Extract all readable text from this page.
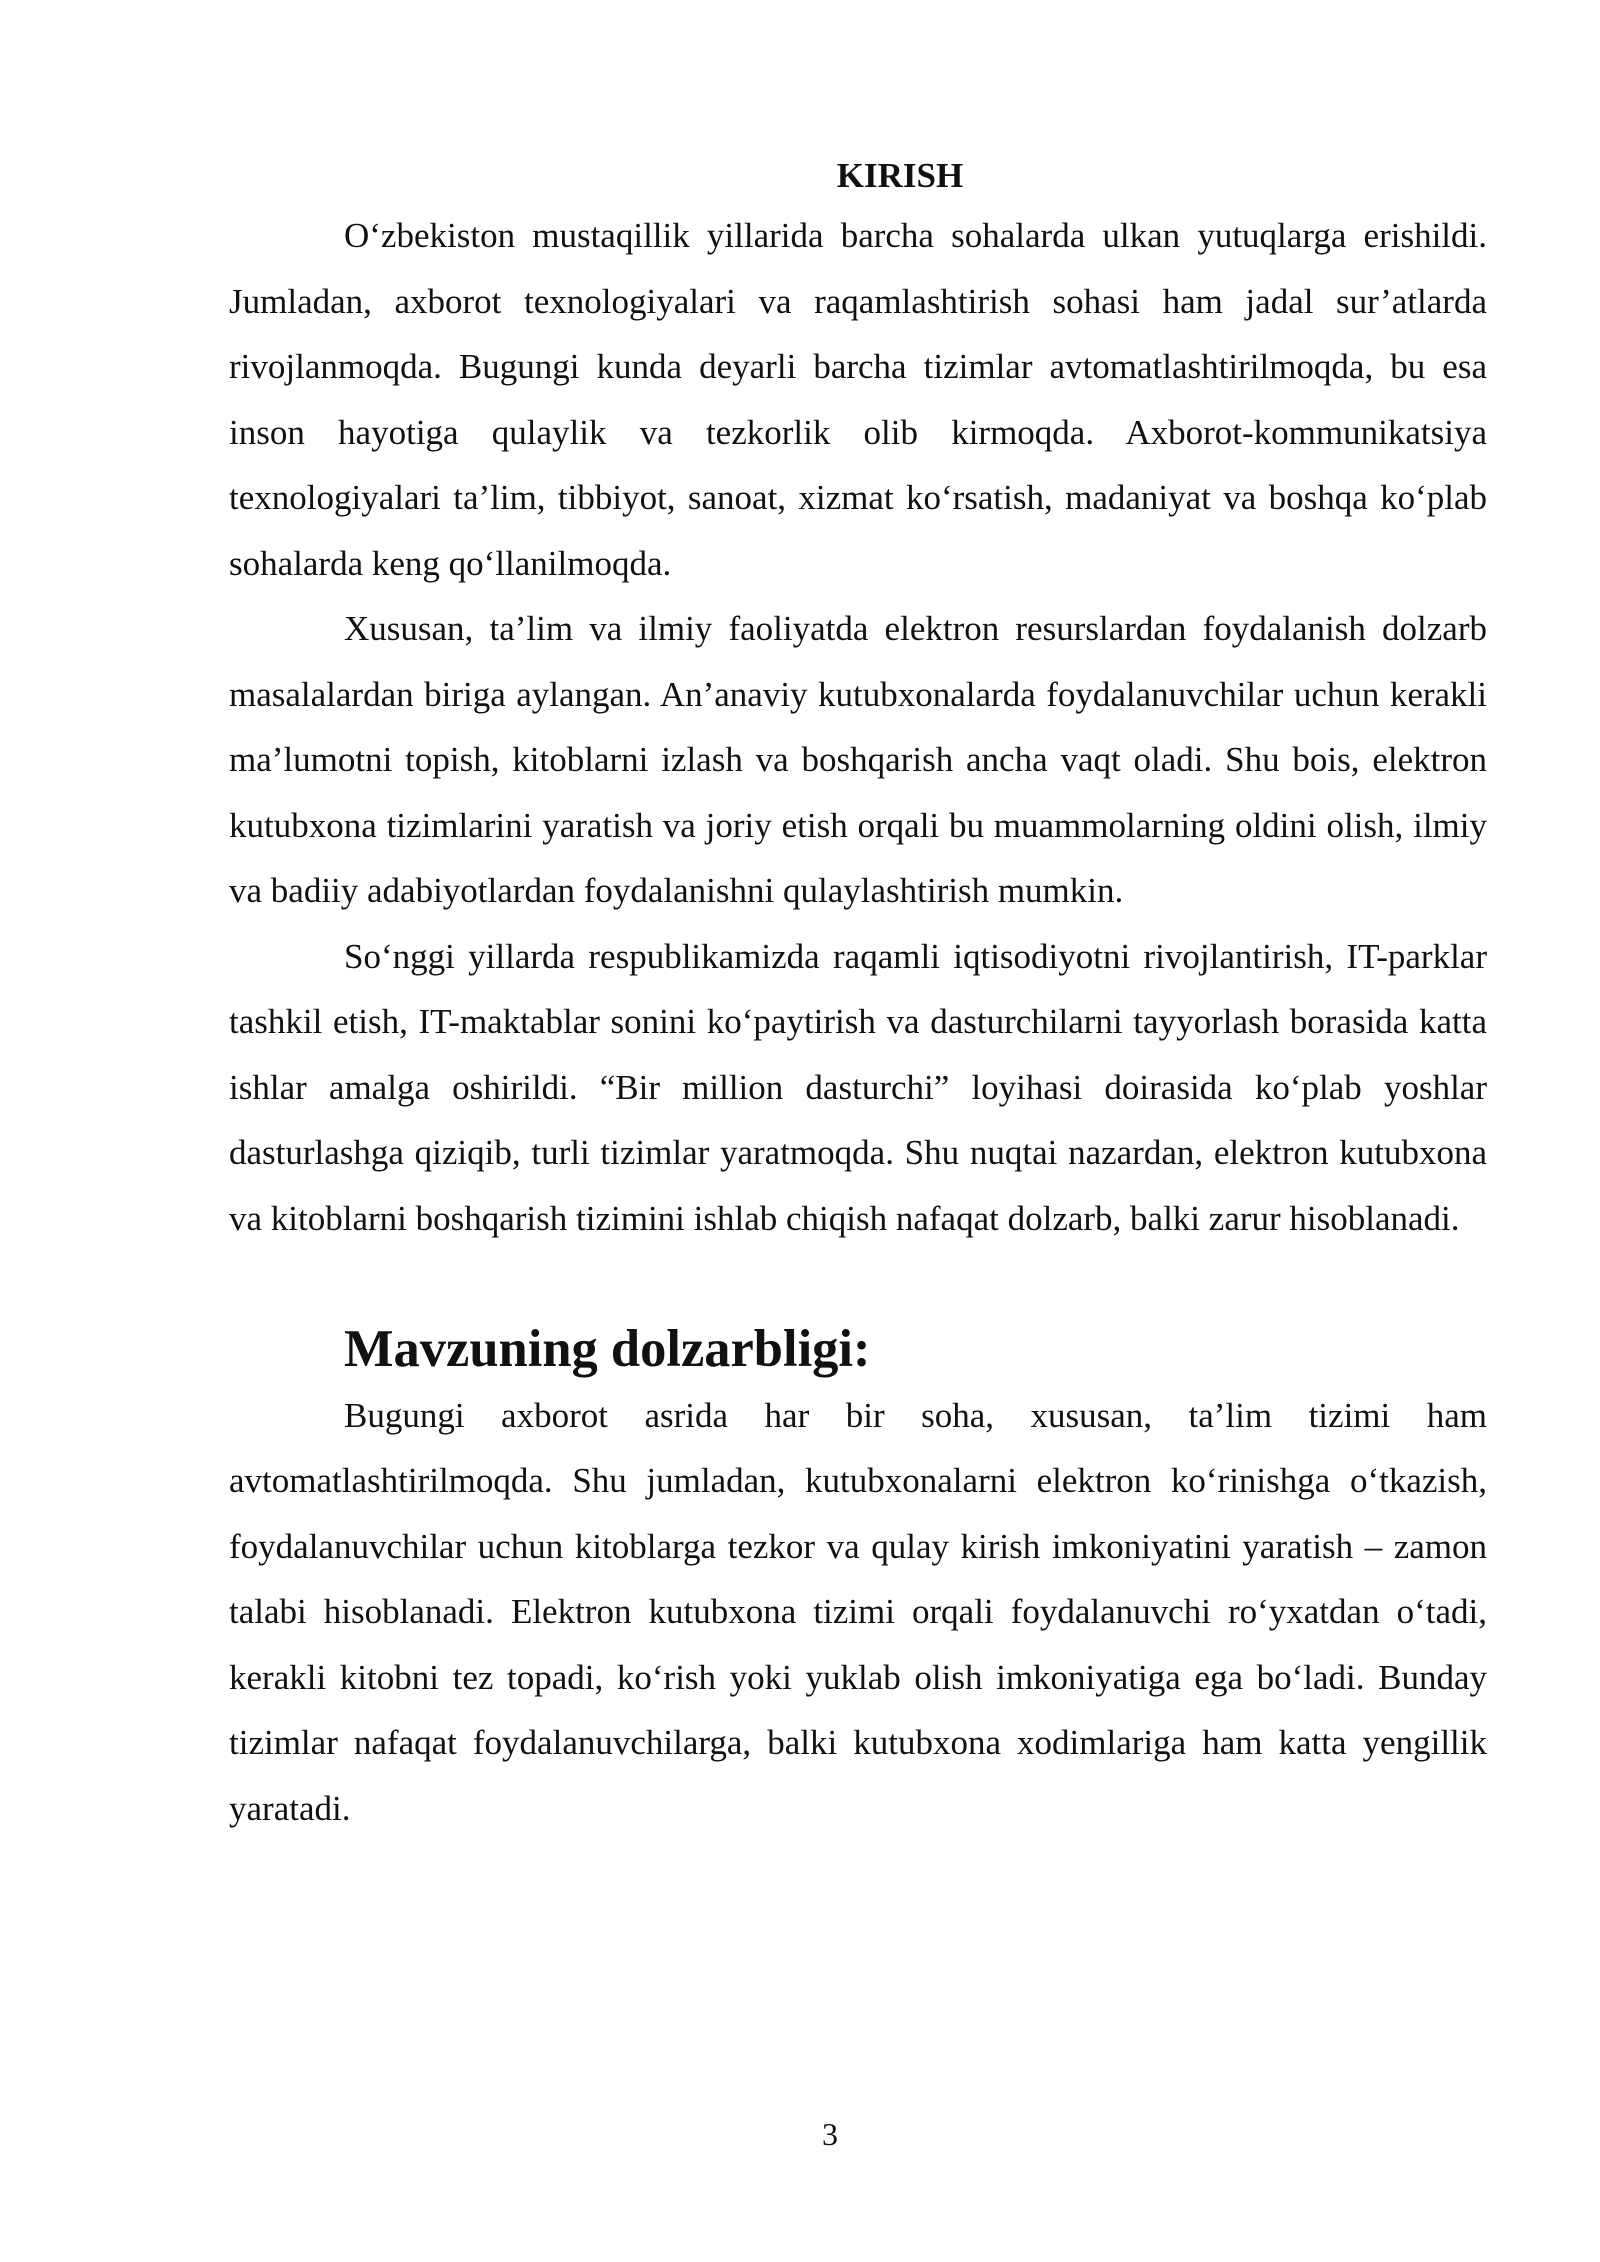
KIRISH

O‘zbekiston mustaqillik yillarida barcha sohalarda ulkan yutuqlarga erishildi. Jumladan, axborot texnologiyalari va raqamlashtirish sohasi ham jadal sur’atlarda rivojlanmoqda. Bugungi kunda deyarli barcha tizimlar avtomatlashtirilmoqda, bu esa inson hayotiga qulaylik va tezkorlik olib kirmoqda. Axborot-kommunikatsiya texnologiyalari ta’lim, tibbiyot, sanoat, xizmat ko‘rsatish, madaniyat va boshqa ko‘plab sohalarda keng qo‘llanilmoqda.

Xususan, ta’lim va ilmiy faoliyatda elektron resurslardan foydalanish dolzarb masalalardan biriga aylangan. An’anaviy kutubxonalarda foydalanuvchilar uchun kerakli ma’lumotni topish, kitoblarni izlash va boshqarish ancha vaqt oladi. Shu bois, elektron kutubxona tizimlarini yaratish va joriy etish orqali bu muammolarning oldini olish, ilmiy va badiiy adabiyotlardan foydalanishni qulaylashtirish mumkin.

So‘nggi yillarda respublikamizda raqamli iqtisodiyotni rivojlantirish, IT-parklar tashkil etish, IT-maktablar sonini ko‘paytirish va dasturchilarni tayyorlash borasida katta ishlar amalga oshirildi. “Bir million dasturchi” loyihasi doirasida ko‘plab yoshlar dasturlashga qiziqib, turli tizimlar yaratmoqda. Shu nuqtai nazardan, elektron kutubxona va kitoblarni boshqarish tizimini ishlab chiqish nafaqat dolzarb, balki zarur hisoblanadi.

Mavzuning dolzarbligi:

Bugungi axborot asrida har bir soha, xususan, ta’lim tizimi ham avtomatlashtirilmoqda. Shu jumladan, kutubxonalarni elektron ko‘rinishga o‘tkazish, foydalanuvchilar uchun kitoblarga tezkor va qulay kirish imkoniyatini yaratish – zamon talabi hisoblanadi. Elektron kutubxona tizimi orqali foydalanuvchi ro‘yxatdan o‘tadi, kerakli kitobni tez topadi, ko‘rish yoki yuklab olish imkoniyatiga ega bo‘ladi. Bunday tizimlar nafaqat foydalanuvchilarga, balki kutubxona xodimlariga ham katta yengillik yaratadi.

3
